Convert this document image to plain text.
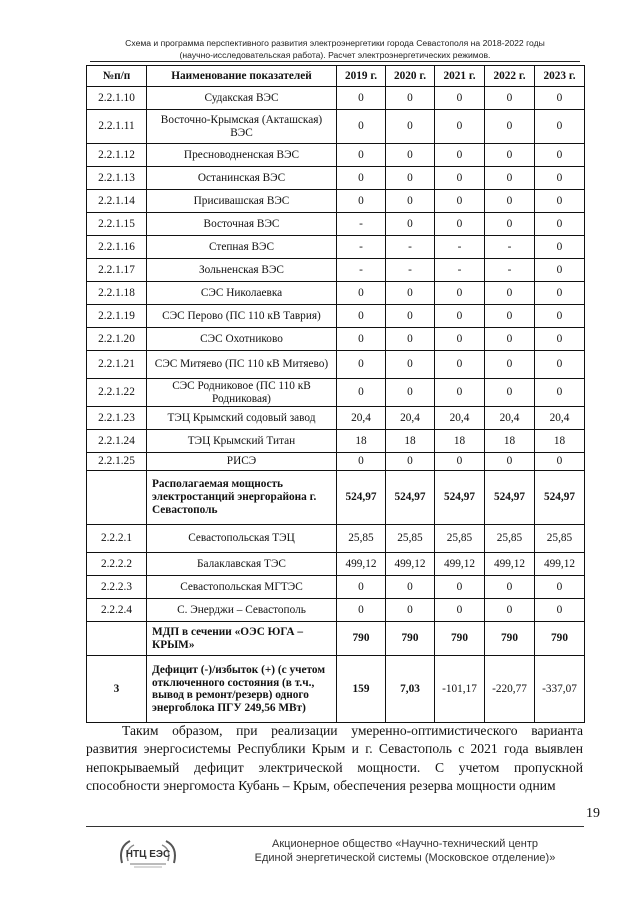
Схема и программа перспективного развития электроэнергетики города Севастополя на 2018-2022 годы
(научно-исследовательская работа). Расчет электроэнергетических режимов.
№п/п	Наименование показателей	2019 г.	2020 г.	2021 г.	2022 г.	2023 г.
2.2.1.10	Судакская ВЭС	0	0	0	0	0
2.2.1.11	Восточно-Крымская (Акташская) ВЭС	0	0	0	0	0
2.2.1.12	Пресноводненская ВЭС	0	0	0	0	0
2.2.1.13	Останинская ВЭС	0	0	0	0	0
2.2.1.14	Присивашская ВЭС	0	0	0	0	0
2.2.1.15	Восточная ВЭС	-	0	0	0	0
2.2.1.16	Степная ВЭС	-	-	-	-	0
2.2.1.17	Зольненская ВЭС	-	-	-	-	0
2.2.1.18	СЭС Николаевка	0	0	0	0	0
2.2.1.19	СЭС Перово (ПС 110 кВ Таврия)	0	0	0	0	0
2.2.1.20	СЭС Охотниково	0	0	0	0	0
2.2.1.21	СЭС Митяево (ПС 110 кВ Митяево)	0	0	0	0	0
2.2.1.22	СЭС Родниковое (ПС 110 кВ Родниковая)	0	0	0	0	0
2.2.1.23	ТЭЦ Крымский содовый завод	20,4	20,4	20,4	20,4	20,4
2.2.1.24	ТЭЦ Крымский Титан	18	18	18	18	18
2.2.1.25	РИСЭ	0	0	0	0	0
	Располагаемая мощность электростанций энергорайона г. Севастополь	524,97	524,97	524,97	524,97	524,97
2.2.2.1	Севастопольская ТЭЦ	25,85	25,85	25,85	25,85	25,85
2.2.2.2	Балаклавская ТЭС	499,12	499,12	499,12	499,12	499,12
2.2.2.3	Севастопольская МГТЭС	0	0	0	0	0
2.2.2.4	С. Энерджи – Севастополь	0	0	0	0	0
	МДП в сечении «ОЭС ЮГА – КРЫМ»	790	790	790	790	790
3	Дефицит (-)/избыток (+) (с учетом отключенного состояния (в т.ч., вывод в ремонт/резерв) одного энергоблока ПГУ 249,56 МВт)	159	7,03	-101,17	-220,77	-337,07
Таким образом, при реализации умеренно-оптимистического варианта развития энергосистемы Республики Крым и г. Севастополь с 2021 года выявлен непокрываемый дефицит электрической мощности. С учетом пропускной способности энергомоста Кубань – Крым, обеспечения резерва мощности одним
19
НТЦ ЕЭС
Акционерное общество «Научно-технический центр
Единой энергетической системы (Московское отделение)»
